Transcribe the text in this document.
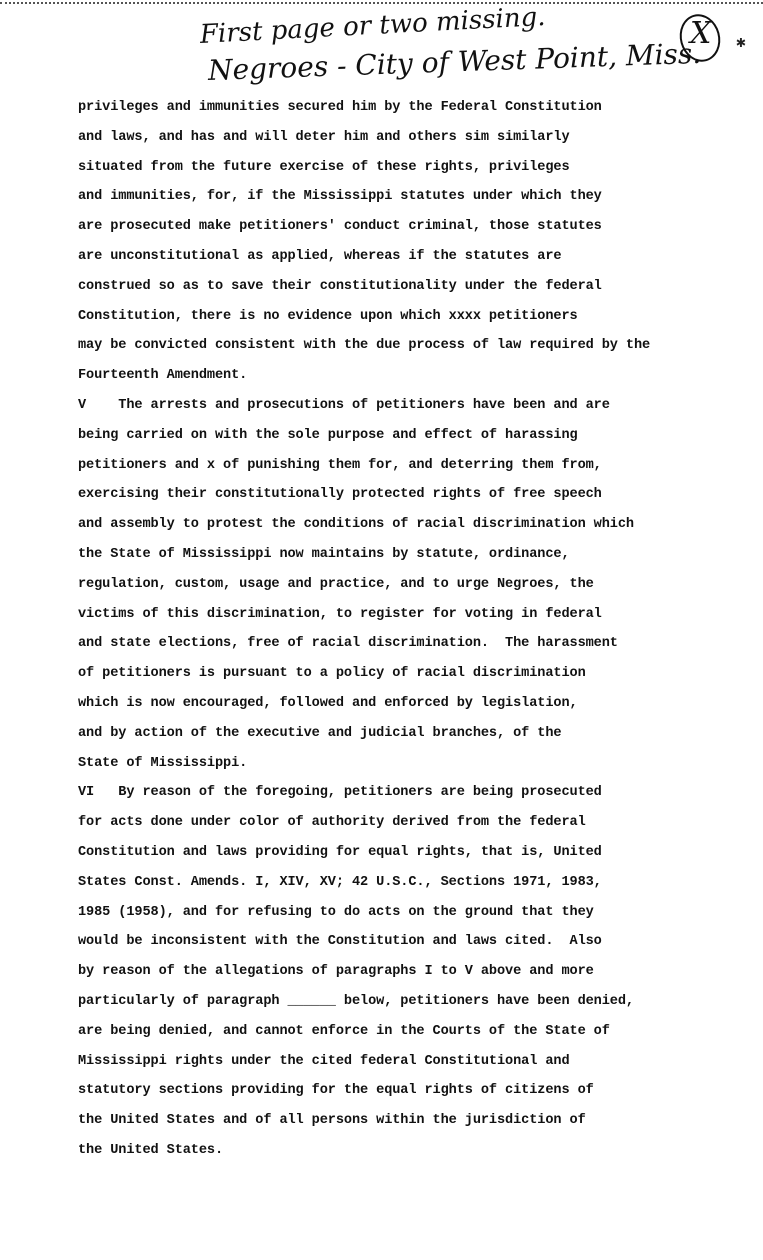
First page or two missing.
Negroes - City of West Point, Miss.
X ✱
privileges and immunities secured him by the Federal Constitution
and laws, and has and will deter him and others sim similarly
situated from the future exercise of these rights, privileges
and immunities, for, if the Mississippi statutes under which they
are prosecuted make petitioners' conduct criminal, those statutes
are unconstitutional as applied, whereas if the statutes are
construed so as to save their constitutionality under the federal
Constitution, there is no evidence upon which xxxx petitioners
may be convicted consistent with the due process of law required by the
Fourteenth Amendment.
V    The arrests and prosecutions of petitioners have been and are
being carried on with the sole purpose and effect of harassing
petitioners and x of punishing them for, and deterring them from,
exercising their constitutionally protected rights of free speech
and assembly to protest the conditions of racial discrimination which
the State of Mississippi now maintains by statute, ordinance,
regulation, custom, usage and practice, and to urge Negroes, the
victims of this discrimination, to register for voting in federal
and state elections, free of racial discrimination.  The harassment
of petitioners is pursuant to a policy of racial discrimination
which is now encouraged, followed and enforced by legislation,
and by action of the executive and judicial branches, of the
State of Mississippi.
VI   By reason of the foregoing, petitioners are being prosecuted
for acts done under color of authority derived from the federal
Constitution and laws providing for equal rights, that is, United
States Const. Amends. I, XIV, XV; 42 U.S.C., Sections 1971, 1983,
1985 (1958), and for refusing to do acts on the ground that they
would be inconsistent with the Constitution and laws cited.  Also
by reason of the allegations of paragraphs I to V above and more
particularly of paragraph ______ below, petitioners have been denied,
are being denied, and cannot enforce in the Courts of the State of
Mississippi rights under the cited federal Constitutional and
statutory sections providing for the equal rights of citizens of
the United States and of all persons within the jurisdiction of
the United States.
